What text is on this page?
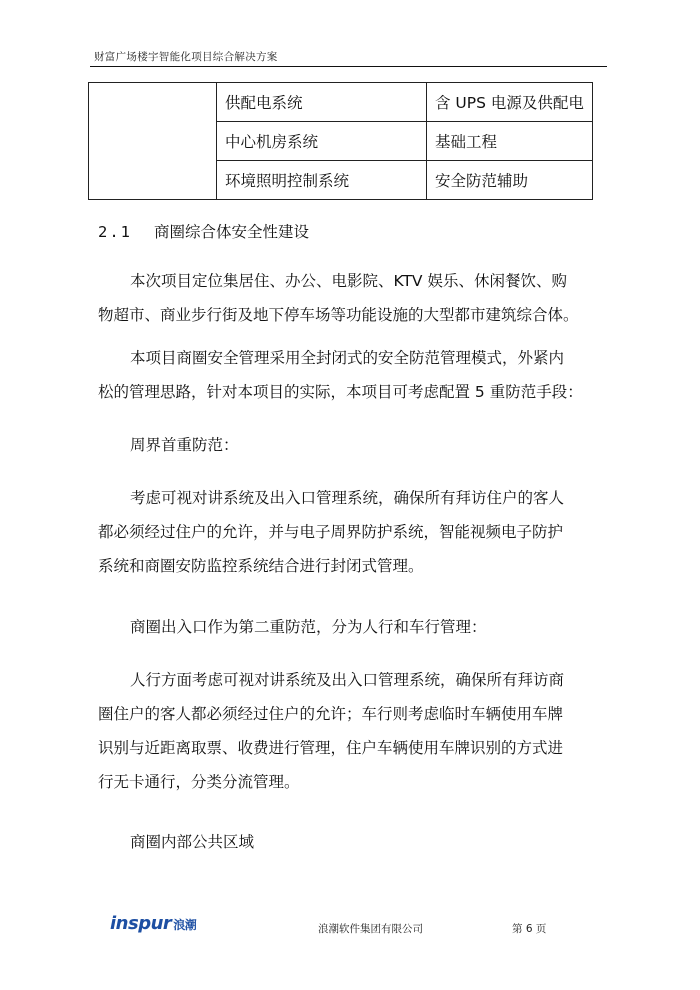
财富广场楼宇智能化项目综合解决方案
	供配电系统	含 UPS 电源及供配电
	中心机房系统	基础工程
	环境照明控制系统	安全防范辅助
2.1 商圈综合体安全性建设
本次项目定位集居住、办公、电影院、KTV 娱乐、休闲餐饮、购
物超市、商业步行街及地下停车场等功能设施的大型都市建筑综合体。
本项目商圈安全管理采用全封闭式的安全防范管理模式，外紧内
松的管理思路，针对本项目的实际，本项目可考虑配置 5 重防范手段：
周界首重防范：
考虑可视对讲系统及出入口管理系统，确保所有拜访住户的客人
都必须经过住户的允许，并与电子周界防护系统，智能视频电子防护
系统和商圈安防监控系统结合进行封闭式管理。
商圈出入口作为第二重防范，分为人行和车行管理：
人行方面考虑可视对讲系统及出入口管理系统，确保所有拜访商
圈住户的客人都必须经过住户的允许；车行则考虑临时车辆使用车牌
识别与近距离取票、收费进行管理，住户车辆使用车牌识别的方式进
行无卡通行，分类分流管理。
商圈内部公共区域
inspur 浪潮	浪潮软件集团有限公司	第 6 页
